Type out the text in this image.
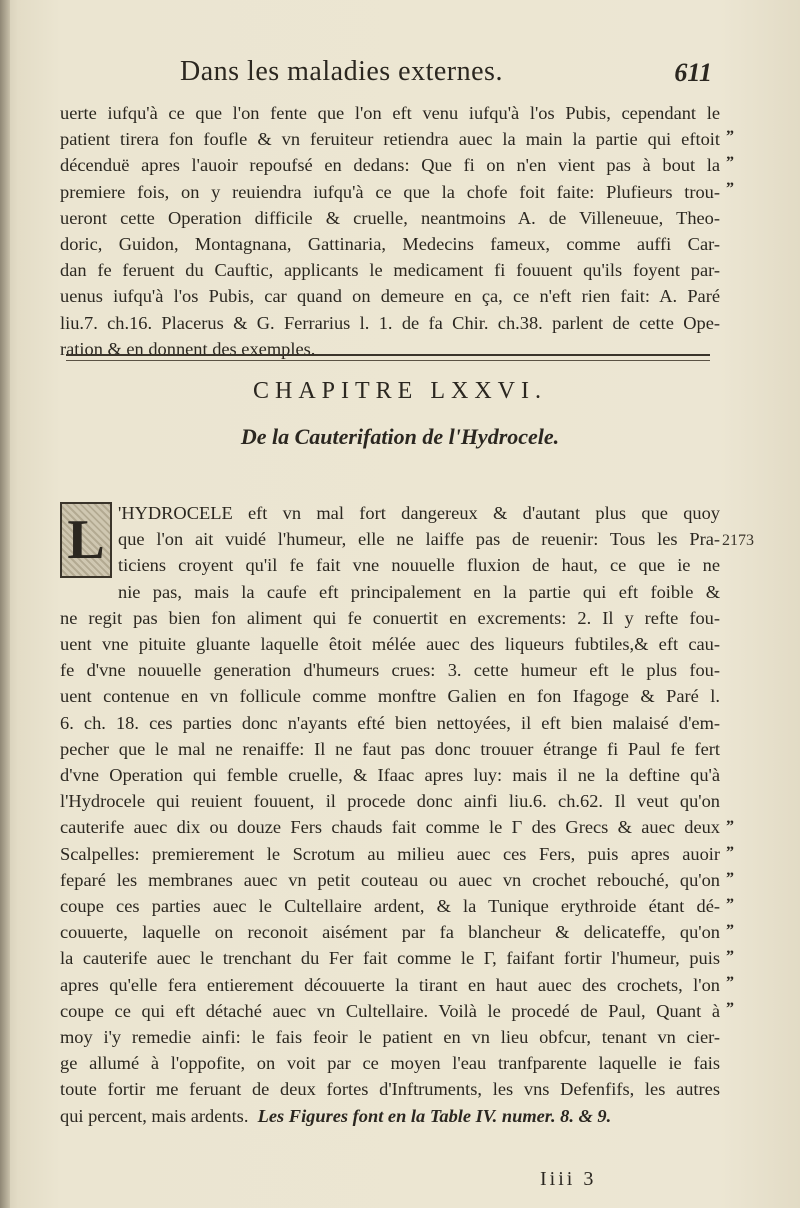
Dans les maladies externes.	611
uerte iufqu'à ce que l'on fente que l'on eft venu iufqu'à l'os Pubis, cependant le
patient tirera fon foufle & vn feruiteur retiendra auec la main la partie qui eftoit
décenduë apres l'auoir repoufsé en dedans: Que fi on n'en vient pas à bout la
premiere fois, on y reuiendra iufqu'à ce que la chofe foit faite: Plufieurs trou-
ueront cette Operation difficile & cruelle, neantmoins A. de Villeneuue, Theo-
doric, Guidon, Montagnana, Gattinaria, Medecins fameux, comme auffi Car-
dan fe feruent du Cauftic, applicants le medicament fi fouuent qu'ils foyent par-
uenus iufqu'à l'os Pubis, car quand on demeure en ça, ce n'eft rien fait: A. Paré
liu.7. ch.16. Placerus & G. Ferrarius l. 1. de fa Chir. ch.38. parlent de cette Ope-
ration & en donnent des exemples.
”
”
”
CHAPITRE LXXVI.
De la Cauterifation de l'Hydrocele.
L 'HYDROCELE eft vn mal fort dangereux & d'autant plus que quoy
que l'on ait vuidé l'humeur, elle ne laiffe pas de reuenir: Tous les Pra-
ticiens croyent qu'il fe fait vne nouuelle fluxion de haut, ce que ie ne
nie pas, mais la caufe eft principalement en la partie qui eft foible &
ne regit pas bien fon aliment qui fe conuertit en excrements: 2. Il y refte fou-
uent vne pituite gluante laquelle êtoit mélée auec des liqueurs fubtiles,& eft cau-
fe d'vne nouuelle generation d'humeurs crues: 3. cette humeur eft le plus fou-
uent contenue en vn follicule comme monftre Galien en fon Ifagoge & Paré l.
6. ch. 18. ces parties donc n'ayants efté bien nettoyées, il eft bien malaisé d'em-
pecher que le mal ne renaiffe: Il ne faut pas donc trouuer étrange fi Paul fe fert
d'vne Operation qui femble cruelle, & Ifaac apres luy: mais il ne la deftine qu'à
l'Hydrocele qui reuient fouuent, il procede donc ainfi liu.6. ch.62. Il veut qu'on
cauterife auec dix ou douze Fers chauds fait comme le Γ des Grecs & auec deux
Scalpelles: premierement le Scrotum au milieu auec ces Fers, puis apres auoir
feparé les membranes auec vn petit couteau ou auec vn crochet rebouché, qu'on
coupe ces parties auec le Cultellaire ardent, & la Tunique erythroide étant dé-
couuerte, laquelle on reconoit aisément par fa blancheur & delicateffe, qu'on
la cauterife auec le trenchant du Fer fait comme le Γ, faifant fortir l'humeur, puis
apres qu'elle fera entierement découuerte la tirant en haut auec des crochets, l'on
coupe ce qui eft détaché auec vn Cultellaire. Voilà le procedé de Paul, Quant à
moy i'y remedie ainfi: le fais feoir le patient en vn lieu obfcur, tenant vn cier-
ge allumé à l'oppofite, on voit par ce moyen l'eau tranfparente laquelle ie fais
toute fortir me feruant de deux fortes d'Inftruments, les vns Defenfifs, les autres
qui percent, mais ardents. Les Figures font en la Table IV. numer. 8. & 9.
2173
”
”
”
”
”
”
”
”
Iiii 3
